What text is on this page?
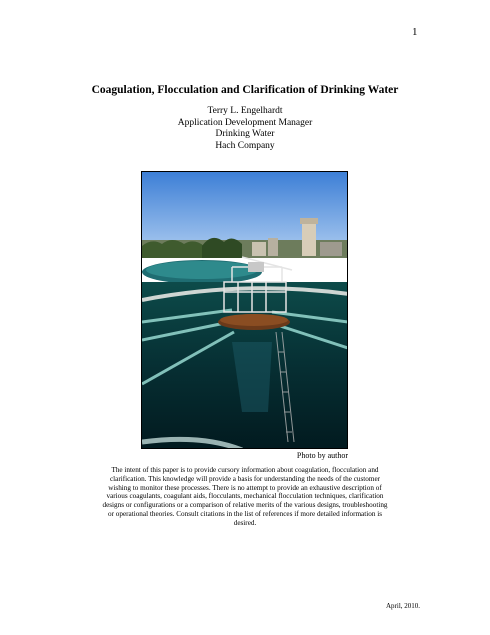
1
Coagulation, Flocculation and Clarification of Drinking Water
Terry L. Engelhardt
Application Development Manager
Drinking Water
Hach Company
Photo by author
The intent of this paper is to provide cursory information about coagulation, flocculation and clarification. This knowledge will provide a basis for understanding the needs of the customer wishing to monitor these processes. There is no attempt to provide an exhaustive description of various coagulants, coagulant aids, flocculants, mechanical flocculation techniques, clarification designs or configurations or a comparison of relative merits of the various designs, troubleshooting or operational theories. Consult citations in the list of references if more detailed information is desired.
April, 2010.
